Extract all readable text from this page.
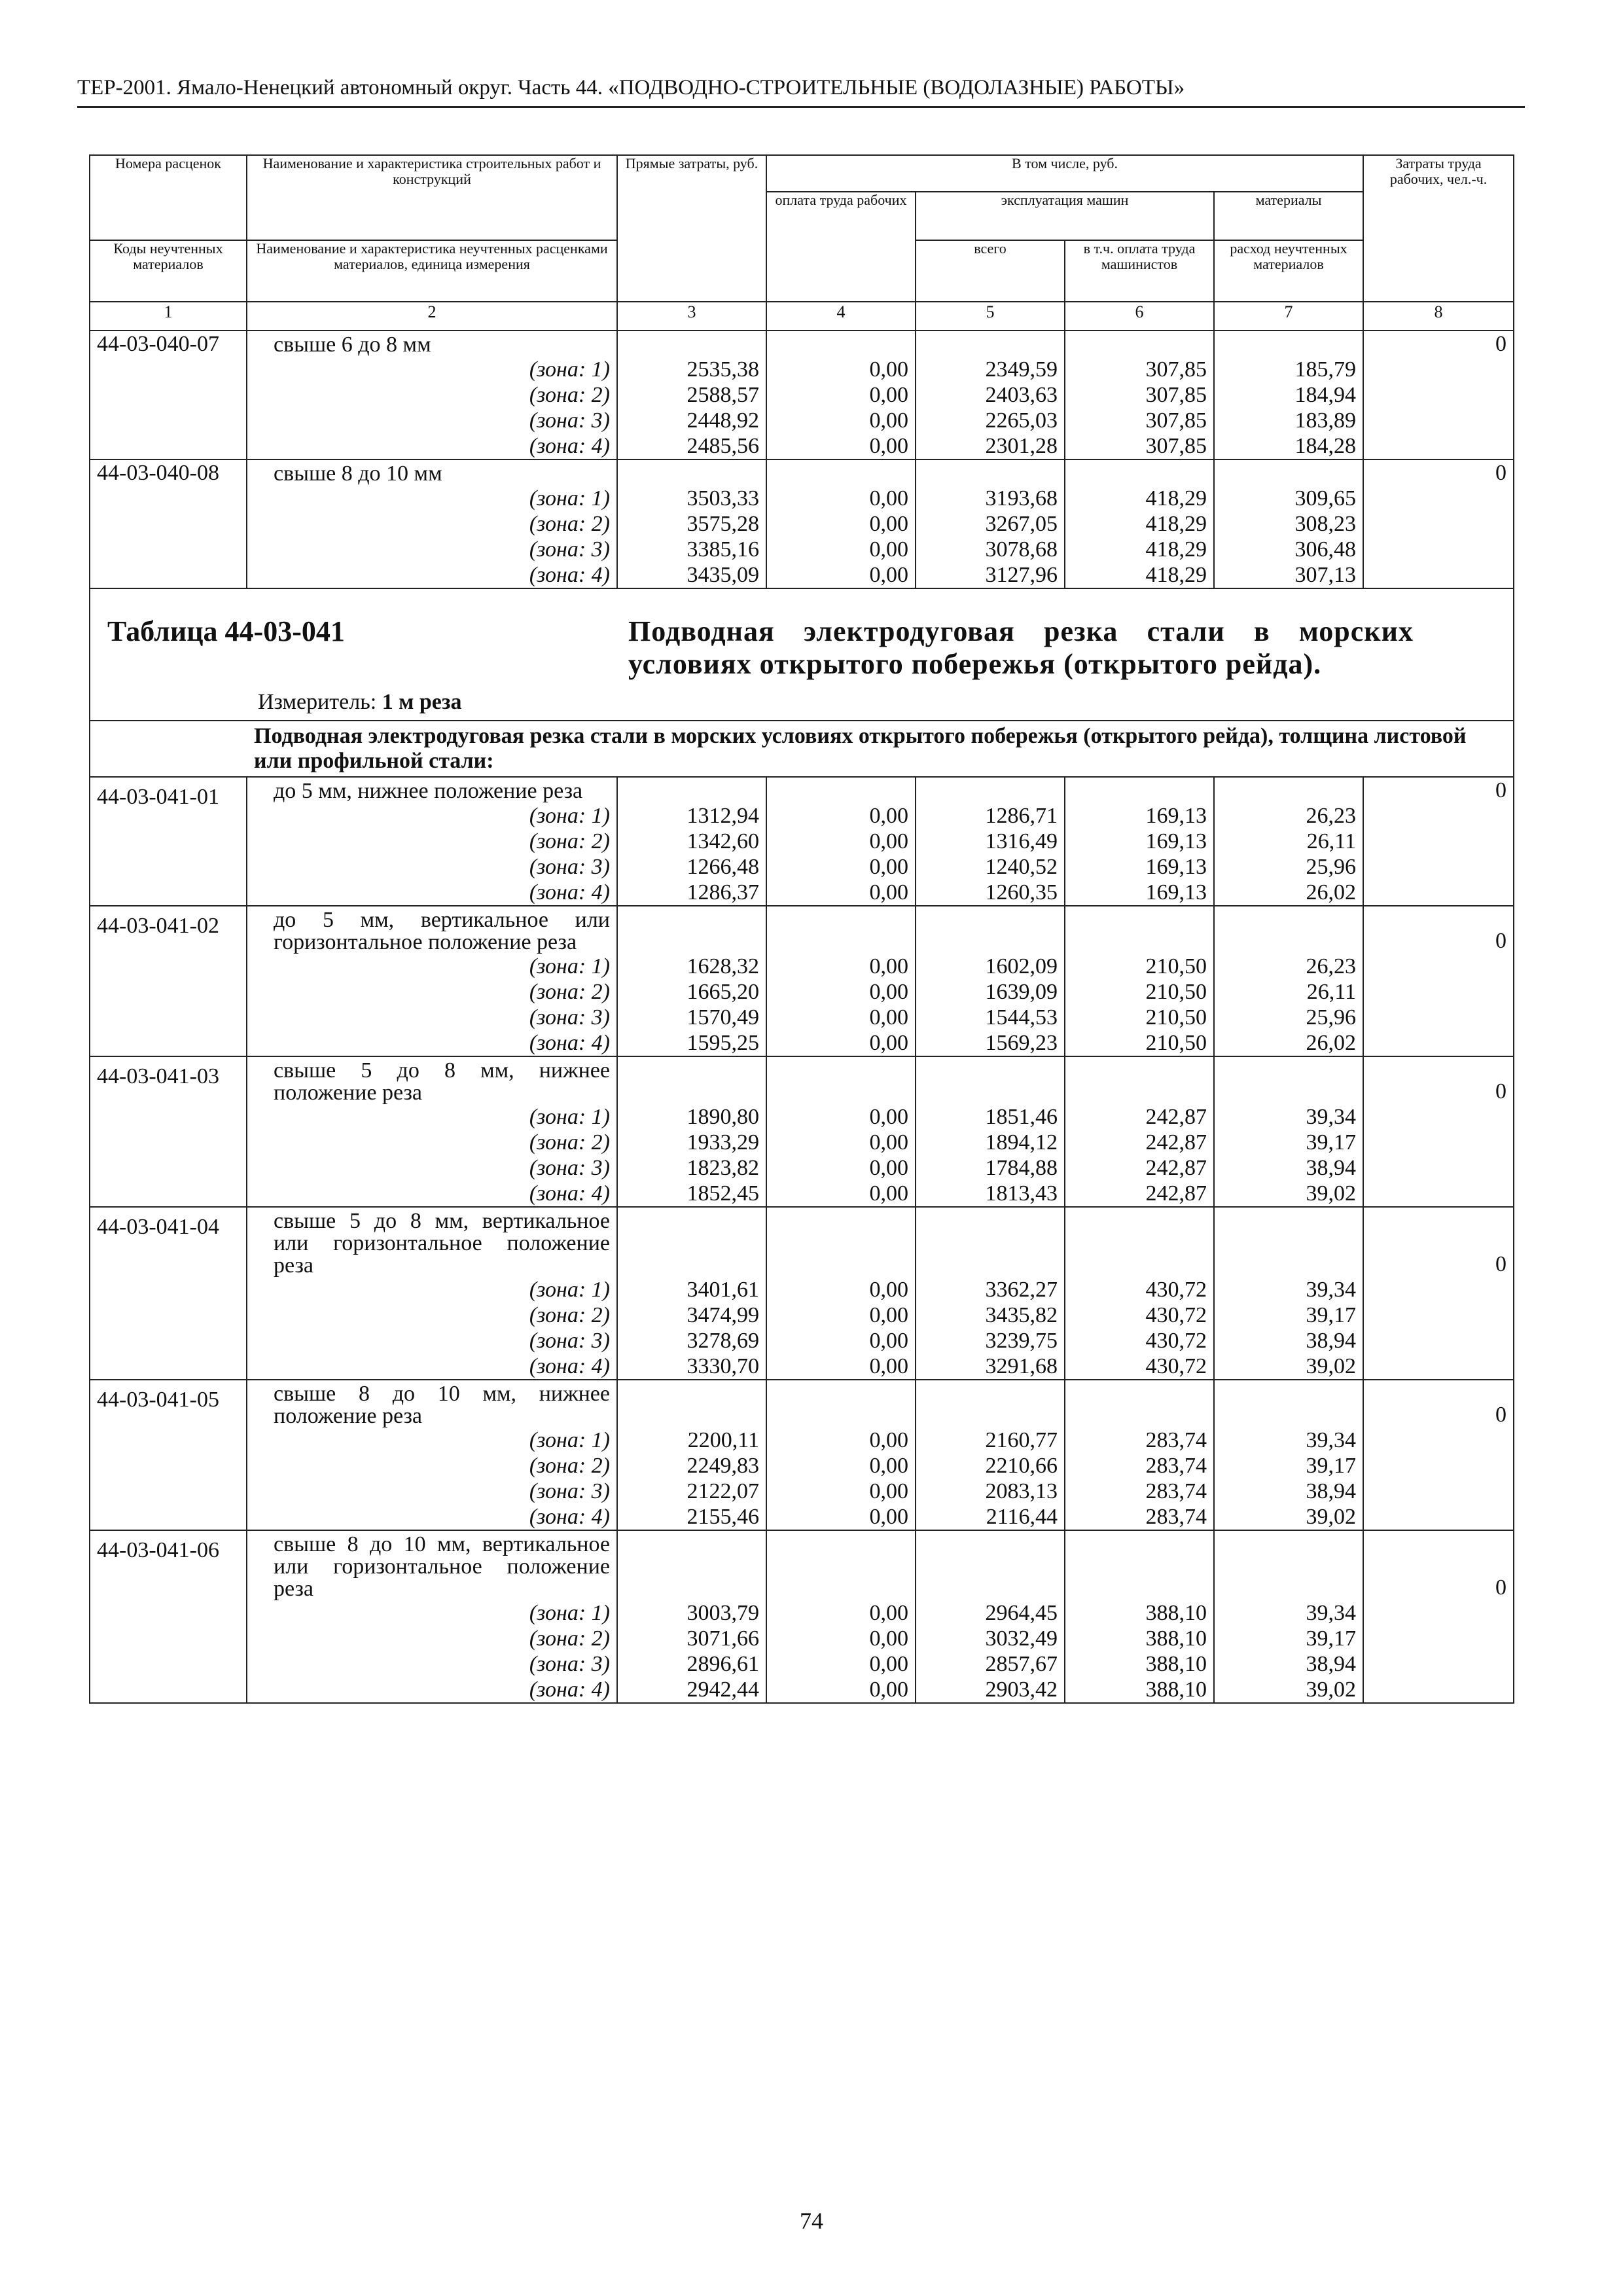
ТЕР-2001. Ямало-Ненецкий автономный округ. Часть 44. «ПОДВОДНО-СТРОИТЕЛЬНЫЕ (ВОДОЛАЗНЫЕ) РАБОТЫ»
Номера расценок	Наименование и характеристика строительных работ и конструкций	Прямые затраты, руб.	В том числе, руб.				Затраты труда рабочих, чел.-ч.
			оплата труда рабочих	эксплуатация машин		материалы	
Коды неучтенных материалов	Наименование и характеристика неучтенных расценками материалов, единица измерения			всего	в т.ч. оплата труда машинистов	расход неучтенных материалов	
1	2	3	4	5	6	7	8
44-03-040-07	свыше 6 до 8 мм						0
	(зона: 1)	2535,38	0,00	2349,59	307,85	185,79	
	(зона: 2)	2588,57	0,00	2403,63	307,85	184,94	
	(зона: 3)	2448,92	0,00	2265,03	307,85	183,89	
	(зона: 4)	2485,56	0,00	2301,28	307,85	184,28	
44-03-040-08	свыше 8 до 10 мм						0
	(зона: 1)	3503,33	0,00	3193,68	418,29	309,65	
	(зона: 2)	3575,28	0,00	3267,05	418,29	308,23	
	(зона: 3)	3385,16	0,00	3078,68	418,29	306,48	
	(зона: 4)	3435,09	0,00	3127,96	418,29	307,13	

Таблица 44-03-041 Подводная электродуговая резка стали в морских условиях открытого побережья (открытого рейда).
Измеритель: 1 м реза							

Подводная электродуговая резка стали в морских условиях открытого побережья (открытого рейда), толщина листовой или профильной стали:							

44-03-041-01	до 5 мм, нижнее положение реза						0
	(зона: 1)	1312,94	0,00	1286,71	169,13	26,23	
	(зона: 2)	1342,60	0,00	1316,49	169,13	26,11	
	(зона: 3)	1266,48	0,00	1240,52	169,13	25,96	
	(зона: 4)	1286,37	0,00	1260,35	169,13	26,02	
44-03-041-02	до 5 мм, вертикальное или горизонтальное положение реза						0
	(зона: 1)	1628,32	0,00	1602,09	210,50	26,23	
	(зона: 2)	1665,20	0,00	1639,09	210,50	26,11	
	(зона: 3)	1570,49	0,00	1544,53	210,50	25,96	
	(зона: 4)	1595,25	0,00	1569,23	210,50	26,02	
44-03-041-03	свыше 5 до 8 мм, нижнее положение реза						0
	(зона: 1)	1890,80	0,00	1851,46	242,87	39,34	
	(зона: 2)	1933,29	0,00	1894,12	242,87	39,17	
	(зона: 3)	1823,82	0,00	1784,88	242,87	38,94	
	(зона: 4)	1852,45	0,00	1813,43	242,87	39,02	
44-03-041-04	свыше 5 до 8 мм, вертикальное или горизонтальное положение реза						0
	(зона: 1)	3401,61	0,00	3362,27	430,72	39,34	
	(зона: 2)	3474,99	0,00	3435,82	430,72	39,17	
	(зона: 3)	3278,69	0,00	3239,75	430,72	38,94	
	(зона: 4)	3330,70	0,00	3291,68	430,72	39,02	
44-03-041-05	свыше 8 до 10 мм, нижнее положение реза						0
	(зона: 1)	2200,11	0,00	2160,77	283,74	39,34	
	(зона: 2)	2249,83	0,00	2210,66	283,74	39,17	
	(зона: 3)	2122,07	0,00	2083,13	283,74	38,94	
	(зона: 4)	2155,46	0,00	2116,44	283,74	39,02	
44-03-041-06	свыше 8 до 10 мм, вертикальное или горизонтальное положение реза						0
	(зона: 1)	3003,79	0,00	2964,45	388,10	39,34	
	(зона: 2)	3071,66	0,00	3032,49	388,10	39,17	
	(зона: 3)	2896,61	0,00	2857,67	388,10	38,94	
	(зона: 4)	2942,44	0,00	2903,42	388,10	39,02	
74
